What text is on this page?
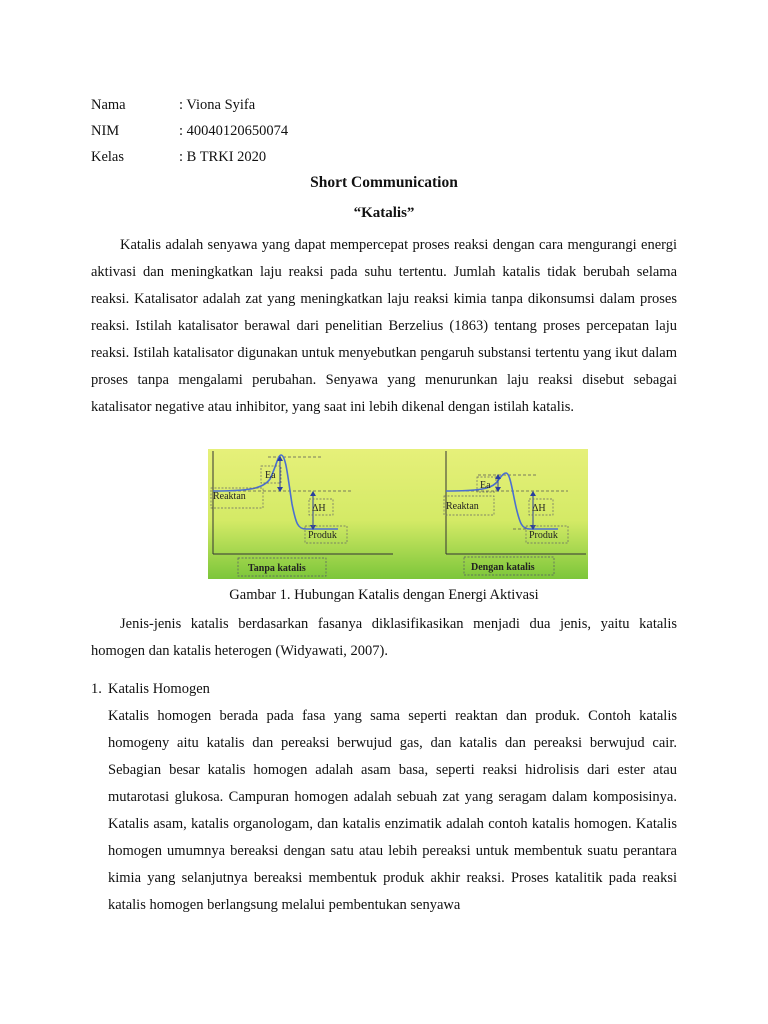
Nama	: Viona Syifa
NIM	: 40040120650074
Kelas	: B TRKI 2020
Short Communication
“Katalis”

Katalis adalah senyawa yang dapat mempercepat proses reaksi dengan cara mengurangi energi aktivasi dan meningkatkan laju reaksi pada suhu tertentu. Jumlah katalis tidak berubah selama reaksi. Katalisator adalah zat yang meningkatkan laju reaksi kimia tanpa dikonsumsi dalam proses reaksi. Istilah katalisator berawal dari penelitian Berzelius (1863) tentang proses percepatan laju reaksi. Istilah katalisator digunakan untuk menyebutkan pengaruh substansi tertentu yang ikut dalam proses tanpa mengalami perubahan. Senyawa yang menurunkan laju reaksi disebut sebagai katalisator negative atau inhibitor, yang saat ini lebih dikenal dengan istilah katalis.

Ea
Reaktan
ΔH
Produk
Tanpa katalis
Ea
Reaktan	ΔH
Produk
Dengan katalis
Gambar 1. Hubungan Katalis dengan Energi Aktivasi

Jenis-jenis katalis berdasarkan fasanya diklasifikasikan menjadi dua jenis, yaitu katalis homogen dan katalis heterogen (Widyawati, 2007).

1. Katalis Homogen

Katalis homogen berada pada fasa yang sama seperti reaktan dan produk. Contoh katalis homogeny aitu katalis dan pereaksi berwujud gas, dan katalis dan pereaksi berwujud cair. Sebagian besar katalis homogen adalah asam basa, seperti reaksi hidrolisis dari ester atau mutarotasi glukosa. Campuran homogen adalah sebuah zat yang seragam dalam komposisinya. Katalis asam, katalis organologam, dan katalis enzimatik adalah contoh katalis homogen. Katalis homogen umumnya bereaksi dengan satu atau lebih pereaksi untuk membentuk suatu perantara kimia yang selanjutnya bereaksi membentuk produk akhir reaksi. Proses katalitik pada reaksi katalis homogen berlangsung melalui pembentukan senyawa
